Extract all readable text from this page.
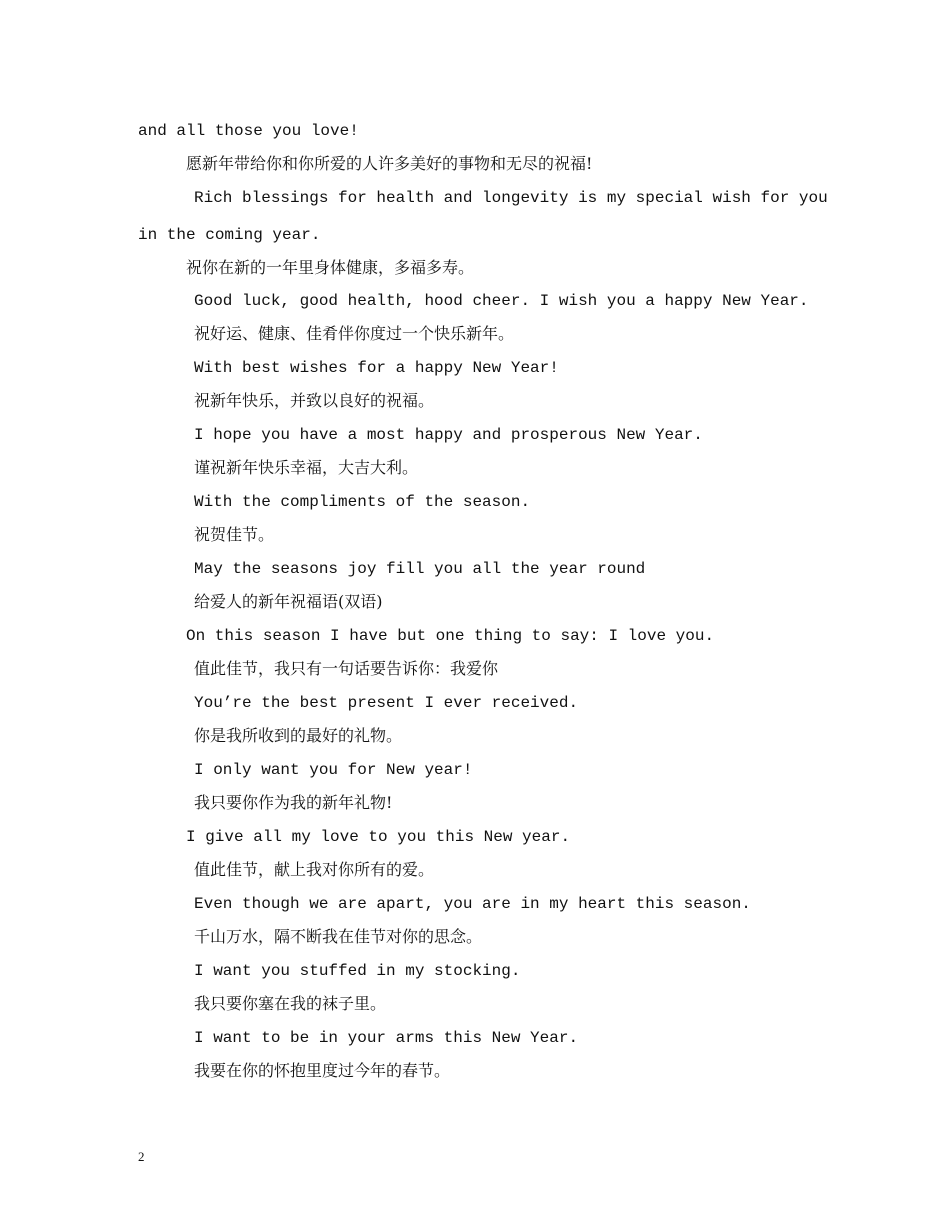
and all those you love!
愿新年带给你和你所爱的人许多美好的事物和无尽的祝福!
Rich blessings for health and longevity is my special wish for you
in the coming year.
祝你在新的一年里身体健康，多福多寿。
Good luck, good health, hood cheer. I wish you a happy New Year.
祝好运、健康、佳肴伴你度过一个快乐新年。
With best wishes for a happy New Year!
祝新年快乐，并致以良好的祝福。
I hope you have a most happy and prosperous New Year.
谨祝新年快乐幸福，大吉大利。
With the compliments of the season.
祝贺佳节。
May the seasons joy fill you all the year round
给爱人的新年祝福语(双语)
On this season I have but one thing to say: I love you.
值此佳节，我只有一句话要告诉你：我爱你
You’re the best present I ever received.
你是我所收到的最好的礼物。
I only want you for New year!
我只要你作为我的新年礼物!
I give all my love to you this New year.
值此佳节，献上我对你所有的爱。
Even though we are apart, you are in my heart this season.
千山万水，隔不断我在佳节对你的思念。
I want you stuffed in my stocking.
我只要你塞在我的袜子里。
I want to be in your arms this New Year.
我要在你的怀抱里度过今年的春节。
2
